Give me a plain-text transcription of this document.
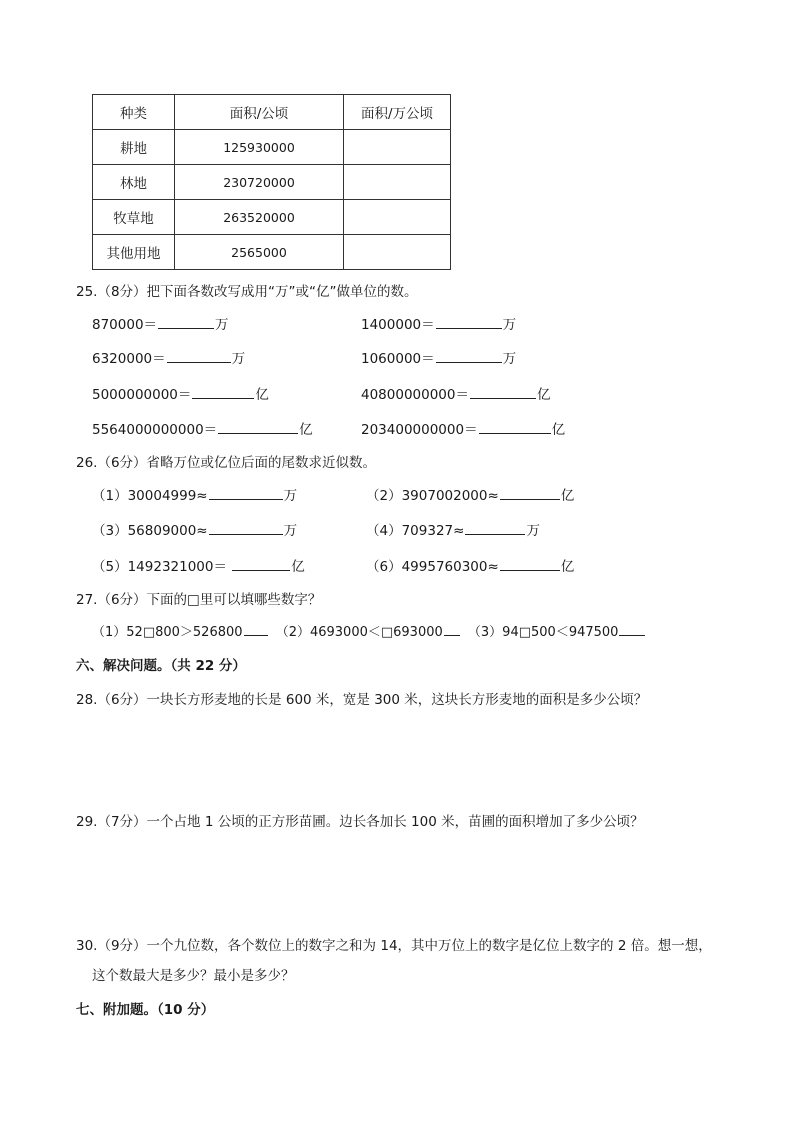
种类	面积/公顷	面积/万公顷
耕地	125930000	
林地	230720000	
牧草地	263520000	
其他用地	2565000	
25.（8分）把下面各数改写成用“万”或“亿”做单位的数。
870000＝	万	1400000＝	万
6320000＝	万	1060000＝	万
5000000000＝	亿	40800000000＝	亿
5564000000000＝	亿	203400000000＝	亿
26.（6分）省略万位或亿位后面的尾数求近似数。
（1）30004999≈	万	（2）3907002000≈	亿
（3）56809000≈	万	（4）709327≈	万
（5）1492321000＝	亿	（6）4995760300≈	亿
27.（6分）下面的□里可以填哪些数字？
（1）52□800＞526800	（2）4693000＜□693000 （3）94□500＜947500
六、解决问题。（共 22 分）
28.（6分）一块长方形麦地的长是 600 米，宽是 300 米，这块长方形麦地的面积是多少公顷？
29.（7分）一个占地 1 公顷的正方形苗圃。边长各加长 100 米，苗圃的面积增加了多少公顷？
30.（9分）一个九位数，各个数位上的数字之和为 14，其中万位上的数字是亿位上数字的 2 倍。想一想，
这个数最大是多少？最小是多少？
七、附加题。（10 分）
